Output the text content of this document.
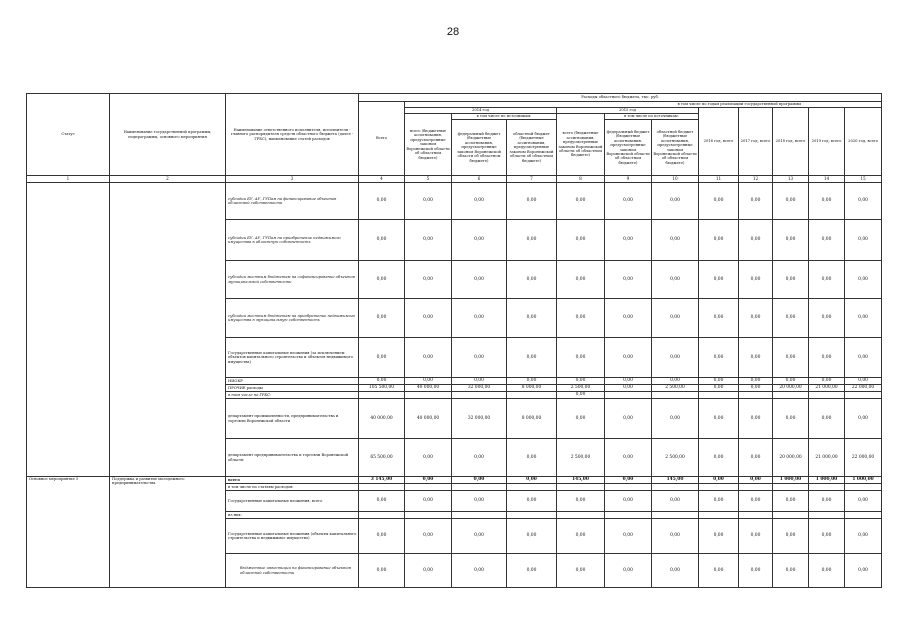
28
Статус	Наименование государственной программы, подпрограммы, основного мероприятия	Наименование ответственного исполнителя, исполнителя - главного распорядителя средств областного бюджета (далее - ГРБС), наименование статей расходов	Расходы областного бюджета, тыс. руб.											
			Всего	в том числе по годам реализации государственной программы										
				2014 год			2015 год			2016 год, всего	2017 год, всего	2018 год, всего	2019 год, всего	2020 год, всего
				всего (бюджетные ассигнования, предусмотренные законом Воронежской области об областном бюджете)	в том числе по источникам:		всего (бюджетные ассигнования, предусмотренные законом Воронежской области об областном бюджете)	в том числе по источникам:						
					федеральный бюджет (бюджетные ассигнования, предусмотренные законом Воронежской области об областном бюджете)	областной бюджет (бюджетные ассигнования, предусмотренные законом Воронежской области об областном бюджете)		федеральный бюджет (бюджетные ассигнования, предусмотренные законом Воронежской области об областном бюджете)	областной бюджет (бюджетные ассигнования, предусмотренные законом Воронежской области об областном бюджете)					

1	2	3	4	5	6	7	8	9	10	11	12	13	14	15
		субсидии БУ, АУ, ГУПам на финансирование объектов областной собственности	0,00	0,00	0,00	0,00	0,00	0,00	0,00	0,00	0,00	0,00	0,00	0,00
		субсидии БУ, АУ, ГУПам на приобретение недвижимого имущества в областную собственность	0,00	0,00	0,00	0,00	0,00	0,00	0,00	0,00	0,00	0,00	0,00	0,00
		субсидии местным бюджетам на софинансирование объектов муниципальной собственности	0,00	0,00	0,00	0,00	0,00	0,00	0,00	0,00	0,00	0,00	0,00	0,00
		субсидии местным бюджетам на приобретение недвижимого имущества в муниципальную собственность	0,00	0,00	0,00	0,00	0,00	0,00	0,00	0,00	0,00	0,00	0,00	0,00
		Государственные капитальные вложения (за исключением объектов капитального строительства и объектов недвижимого имущества)	0,00	0,00	0,00	0,00	0,00	0,00	0,00	0,00	0,00	0,00	0,00	0,00
		НИОКР	0,00	0,00	0,00	0,00	0,00	0,00	0,00	0,00	0,00	0,00	0,00	0,00
		ПРОЧИЕ расходы	105 500,00	40 000,00	32 000,00	8 000,00	2 500,00	0,00	2 500,00	0,00	0,00	20 000,00	21 000,00	22 000,00
		в том числе по ГРБС:					0,00							
		департамент промышленности, предпринимательства и торговли Воронежской области	40 000,00	40 000,00	32 000,00	8 000,00	0,00	0,00	0,00	0,00	0,00	0,00	0,00	0,00
		департамент предпринимательства и торговли Воронежской области	65 500,00	0,00	0,00	0,00	2 500,00	0,00	2 500,00	0,00	0,00	20 000,00	21 000,00	22 000,00
Основное мероприятие 5	Поддержка и развитие молодежного предпринимательства	всего	3 145,00	0,00	0,00	0,00	145,00	0,00	145,00	0,00	0,00	1 000,00	1 000,00	1 000,00
		в том числе по статьям расходов:												
		Государственные капитальные вложения, всего	0,00	0,00	0,00	0,00	0,00	0,00	0,00	0,00	0,00	0,00	0,00	0,00
		из них:												
		Государственные капитальные вложения (объекты капитального строительства и недвижимое имущество)	0,00	0,00	0,00	0,00	0,00	0,00	0,00	0,00	0,00	0,00	0,00	0,00
		бюджетные инвестиции на финансирование объектов областной собственности	0,00	0,00	0,00	0,00	0,00	0,00	0,00	0,00	0,00	0,00	0,00	0,00
